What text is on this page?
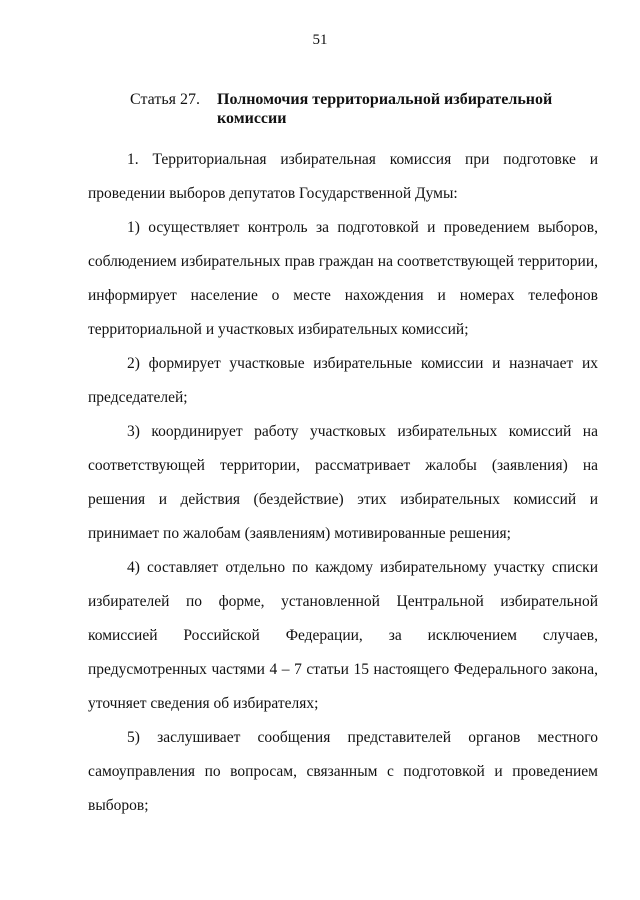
51
Статья 27. Полномочия территориальной избирательной комиссии

1. Территориальная избирательная комиссия при подготовке и проведении выборов депутатов Государственной Думы:

1) осуществляет контроль за подготовкой и проведением выборов, соблюдением избирательных прав граждан на соответствующей территории, информирует население о месте нахождения и номерах телефонов территориальной и участковых избирательных комиссий;

2) формирует участковые избирательные комиссии и назначает их председателей;

3) координирует работу участковых избирательных комиссий на соответствующей территории, рассматривает жалобы (заявления) на решения и действия (бездействие) этих избирательных комиссий и принимает по жалобам (заявлениям) мотивированные решения;

4) составляет отдельно по каждому избирательному участку списки избирателей по форме, установленной Центральной избирательной комиссией Российской Федерации, за исключением случаев, предусмотренных частями 4 – 7 статьи 15 настоящего Федерального закона, уточняет сведения об избирателях;

5) заслушивает сообщения представителей органов местного самоуправления по вопросам, связанным с подготовкой и проведением выборов;
